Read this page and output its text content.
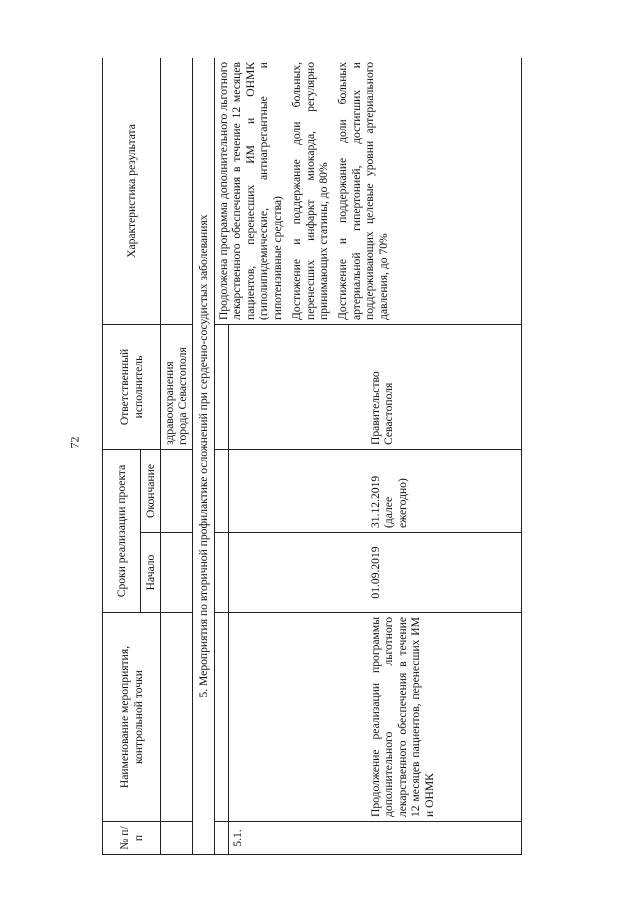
72
№ п/п	Наименование мероприятия, контрольной точки	Сроки реализации проекта		Ответственный исполнитель	Характеристика результата
		Начало	Окончание		
				здравоохранения города Севастополя	
5. Мероприятия по вторичной профилактике осложнений при сердечно-сосудистых заболеваниях					

					Продолжена программа дополнительного льготного лекарственного обеспечения в течение 12 месяцев пациентов, перенесших ИМ и ОНМК (гиполипидемические, антиагрегантные и гипотензивные средства) Достижение и поддержание доли больных, перенесших инфаркт миокарда, регулярно принимающих статины, до 80% Достижение и поддержание доли больных артериальной гипертонией, достигших и поддерживающих целевые уровни артериального давления, до 70%

5.1.	Продолжение реализации программы дополнительного льготного лекарственного обеспечения в течение 12 месяцев пациентов, перенесших ИМ и ОНМК	01.09.2019	31.12.2019 (далее ежегодно)	Правительство Севастополя	
